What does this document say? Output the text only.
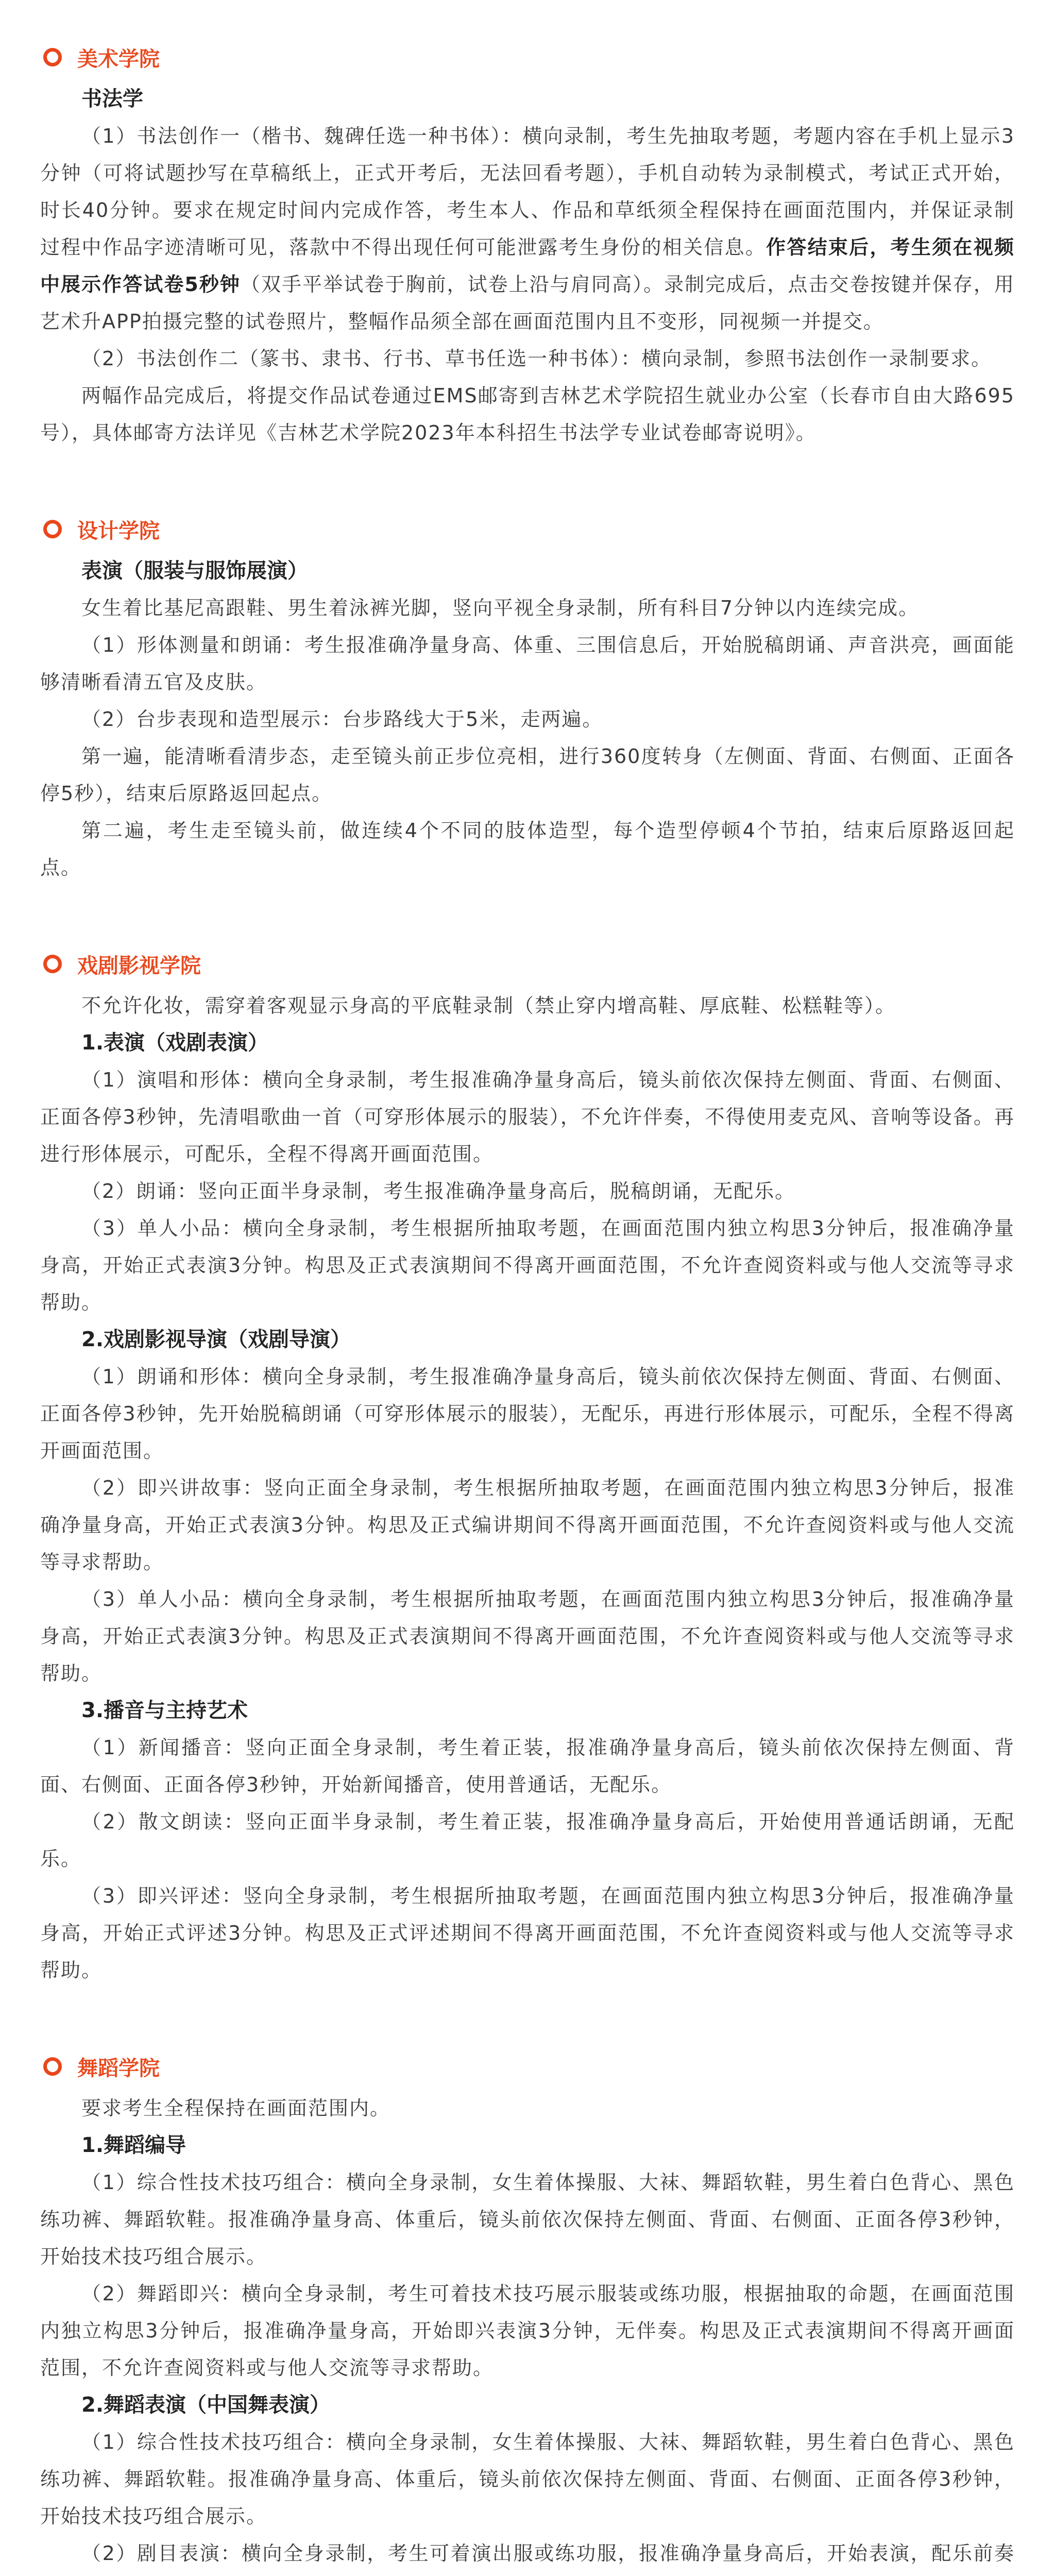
美术学院
书法学

（1）书法创作一（楷书、魏碑任选一种书体）：横向录制，考生先抽取考题，考题内容在手机上显示3分钟（可将试题抄写在草稿纸上，正式开考后，无法回看考题），手机自动转为录制模式，考试正式开始，时长40分钟。要求在规定时间内完成作答，考生本人、作品和草纸须全程保持在画面范围内，并保证录制过程中作品字迹清晰可见，落款中不得出现任何可能泄露考生身份的相关信息。作答结束后，考生须在视频中展示作答试卷5秒钟（双手平举试卷于胸前，试卷上沿与肩同高）。录制完成后，点击交卷按键并保存，用艺术升APP拍摄完整的试卷照片，整幅作品须全部在画面范围内且不变形，同视频一并提交。

（2）书法创作二（篆书、隶书、行书、草书任选一种书体）：横向录制，参照书法创作一录制要求。

两幅作品完成后，将提交作品试卷通过EMS邮寄到吉林艺术学院招生就业办公室（长春市自由大路695号），具体邮寄方法详见《吉林艺术学院2023年本科招生书法学专业试卷邮寄说明》。

设计学院
表演（服装与服饰展演）

女生着比基尼高跟鞋、男生着泳裤光脚，竖向平视全身录制，所有科目7分钟以内连续完成。

（1）形体测量和朗诵：考生报准确净量身高、体重、三围信息后，开始脱稿朗诵、声音洪亮，画面能够清晰看清五官及皮肤。

（2）台步表现和造型展示：台步路线大于5米，走两遍。

第一遍，能清晰看清步态，走至镜头前正步位亮相，进行360度转身（左侧面、背面、右侧面、正面各停5秒），结束后原路返回起点。

第二遍，考生走至镜头前，做连续4个不同的肢体造型，每个造型停顿4个节拍，结束后原路返回起点。

戏剧影视学院

不允许化妆，需穿着客观显示身高的平底鞋录制（禁止穿内增高鞋、厚底鞋、松糕鞋等）。

1.表演（戏剧表演）

（1）演唱和形体：横向全身录制，考生报准确净量身高后，镜头前依次保持左侧面、背面、右侧面、正面各停3秒钟，先清唱歌曲一首（可穿形体展示的服装），不允许伴奏，不得使用麦克风、音响等设备。再进行形体展示，可配乐，全程不得离开画面范围。

（2）朗诵：竖向正面半身录制，考生报准确净量身高后，脱稿朗诵，无配乐。

（3）单人小品：横向全身录制，考生根据所抽取考题，在画面范围内独立构思3分钟后，报准确净量身高，开始正式表演3分钟。构思及正式表演期间不得离开画面范围，不允许查阅资料或与他人交流等寻求帮助。

2.戏剧影视导演（戏剧导演）

（1）朗诵和形体：横向全身录制，考生报准确净量身高后，镜头前依次保持左侧面、背面、右侧面、正面各停3秒钟，先开始脱稿朗诵（可穿形体展示的服装），无配乐，再进行形体展示，可配乐，全程不得离开画面范围。

（2）即兴讲故事：竖向正面全身录制，考生根据所抽取考题，在画面范围内独立构思3分钟后，报准确净量身高，开始正式表演3分钟。构思及正式编讲期间不得离开画面范围，不允许查阅资料或与他人交流等寻求帮助。

（3）单人小品：横向全身录制，考生根据所抽取考题，在画面范围内独立构思3分钟后，报准确净量身高，开始正式表演3分钟。构思及正式表演期间不得离开画面范围，不允许查阅资料或与他人交流等寻求帮助。

3.播音与主持艺术

（1）新闻播音：竖向正面全身录制，考生着正装，报准确净量身高后，镜头前依次保持左侧面、背面、右侧面、正面各停3秒钟，开始新闻播音，使用普通话，无配乐。

（2）散文朗读：竖向正面半身录制，考生着正装，报准确净量身高后，开始使用普通话朗诵，无配乐。

（3）即兴评述：竖向全身录制，考生根据所抽取考题，在画面范围内独立构思3分钟后，报准确净量身高，开始正式评述3分钟。构思及正式评述期间不得离开画面范围，不允许查阅资料或与他人交流等寻求帮助。

舞蹈学院

要求考生全程保持在画面范围内。

1.舞蹈编导

（1）综合性技术技巧组合：横向全身录制，女生着体操服、大袜、舞蹈软鞋，男生着白色背心、黑色练功裤、舞蹈软鞋。报准确净量身高、体重后，镜头前依次保持左侧面、背面、右侧面、正面各停3秒钟，开始技术技巧组合展示。

（2）舞蹈即兴：横向全身录制，考生可着技术技巧展示服装或练功服，根据抽取的命题，在画面范围内独立构思3分钟后，报准确净量身高，开始即兴表演3分钟，无伴奏。构思及正式表演期间不得离开画面范围，不允许查阅资料或与他人交流等寻求帮助。

2.舞蹈表演（中国舞表演）

（1）综合性技术技巧组合：横向全身录制，女生着体操服、大袜、舞蹈软鞋，男生着白色背心、黑色练功裤、舞蹈软鞋。报准确净量身高、体重后，镜头前依次保持左侧面、背面、右侧面、正面各停3秒钟，开始技术技巧组合展示。

（2）剧目表演：横向全身录制，考生可着演出服或练功服，报准确净量身高后，开始表演，配乐前奏
